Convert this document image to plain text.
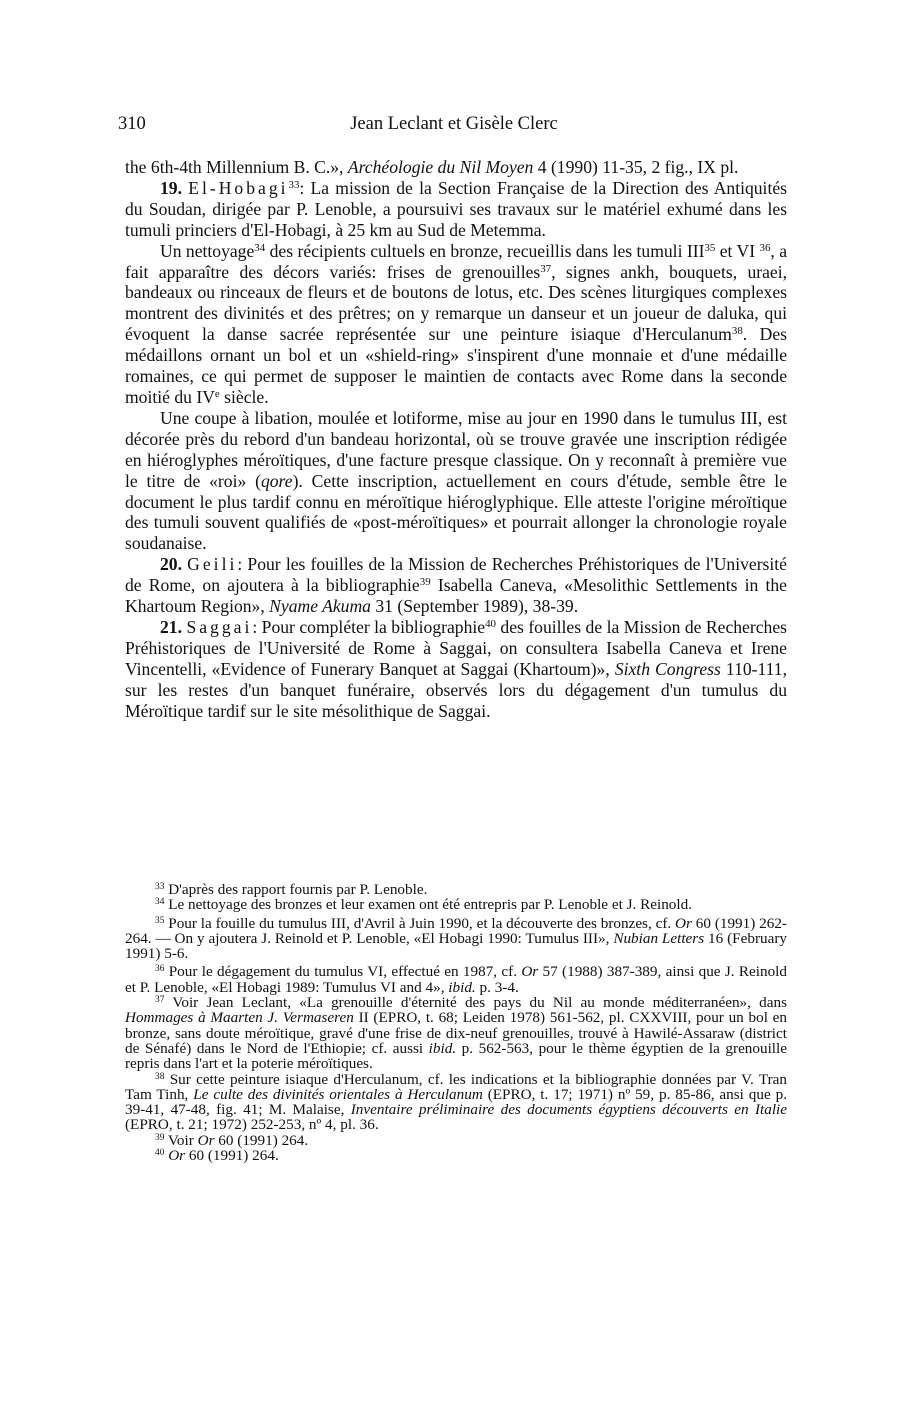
310	Jean Leclant et Gisèle Clerc

the 6th-4th Millennium B. C.», Archéologie du Nil Moyen 4 (1990) 11-35, 2 fig., IX pl.

19. El-Hobagi$^{33}$: La mission de la Section Française de la Direction des Antiquités du Soudan, dirigée par P. Lenoble, a poursuivi ses travaux sur le matériel exhumé dans les tumuli princiers d'El-Hobagi, à 25 km au Sud de Metemma.

Un nettoyage$^{34}$ des récipients cultuels en bronze, recueillis dans les tumuli III$^{35}$ et VI $^{36}$, a fait apparaître des décors variés: frises de grenouilles$^{37}$, signes ankh, bouquets, uraei, bandeaux ou rinceaux de fleurs et de boutons de lotus, etc. Des scènes liturgiques complexes montrent des divinités et des prêtres; on y remarque un danseur et un joueur de daluka, qui évoquent la danse sacrée représentée sur une peinture isiaque d'Herculanum$^{38}$. Des médaillons ornant un bol et un «shield-ring» s'inspirent d'une monnaie et d'une médaille romaines, ce qui permet de supposer le maintien de contacts avec Rome dans la seconde moitié du IVe siècle.

Une coupe à libation, moulée et lotiforme, mise au jour en 1990 dans le tumulus III, est décorée près du rebord d'un bandeau horizontal, où se trouve gravée une inscription rédigée en hiéroglyphes méroïtiques, d'une facture presque classique. On y reconnaît à première vue le titre de «roi» (qore). Cette inscription, actuellement en cours d'étude, semble être le document le plus tardif connu en méroïtique hiéroglyphique. Elle atteste l'origine méroïtique des tumuli souvent qualifiés de «post-méroïtiques» et pourrait allonger la chronologie royale soudanaise.

20. Geili: Pour les fouilles de la Mission de Recherches Préhistoriques de l'Université de Rome, on ajoutera à la bibliographie$^{39}$ Isabella Caneva, «Mesolithic Settlements in the Khartoum Region», Nyame Akuma 31 (September 1989), 38-39.

21. Saggai: Pour compléter la bibliographie$^{40}$ des fouilles de la Mission de Recherches Préhistoriques de l'Université de Rome à Saggai, on consultera Isabella Caneva et Irene Vincentelli, «Evidence of Funerary Banquet at Saggai (Khartoum)», Sixth Congress 110-111, sur les restes d'un banquet funéraire, observés lors du dégagement d'un tumulus du Méroïtique tardif sur le site mésolithique de Saggai.

$^{33}$ D'après des rapport fournis par P. Lenoble.

$^{34}$ Le nettoyage des bronzes et leur examen ont été entrepris par P. Lenoble et J. Reinold.

$^{35}$ Pour la fouille du tumulus III, d'Avril à Juin 1990, et la découverte des bronzes, cf. Or 60 (1991) 262-264. — On y ajoutera J. Reinold et P. Lenoble, «El Hobagi 1990: Tumulus III», Nubian Letters 16 (February 1991) 5-6.

$^{36}$ Pour le dégagement du tumulus VI, effectué en 1987, cf. Or 57 (1988) 387-389, ainsi que J. Reinold et P. Lenoble, «El Hobagi 1989: Tumulus VI and 4», ibid. p. 3-4.

$^{37}$ Voir Jean Leclant, «La grenouille d'éternité des pays du Nil au monde méditerranéen», dans Hommages à Maarten J. Vermaseren II (EPRO, t. 68; Leiden 1978) 561-562, pl. CXXVIII, pour un bol en bronze, sans doute méroïtique, gravé d'une frise de dix-neuf grenouilles, trouvé à Hawilé-Assaraw (district de Sénafé) dans le Nord de l'Ethiopie; cf. aussi ibid. p. 562-563, pour le thème égyptien de la grenouille repris dans l'art et la poterie méroïtiques.

$^{38}$ Sur cette peinture isiaque d'Herculanum, cf. les indications et la bibliographie données par V. Tran Tam Tinh, Le culte des divinités orientales à Herculanum (EPRO, t. 17; 1971) nº 59, p. 85-86, ansi que p. 39-41, 47-48, fig. 41; M. Malaise, Inventaire préliminaire des documents égyptiens découverts en Italie (EPRO, t. 21; 1972) 252-253, nº 4, pl. 36.

$^{39}$ Voir Or 60 (1991) 264.

$^{40}$ Or 60 (1991) 264.
